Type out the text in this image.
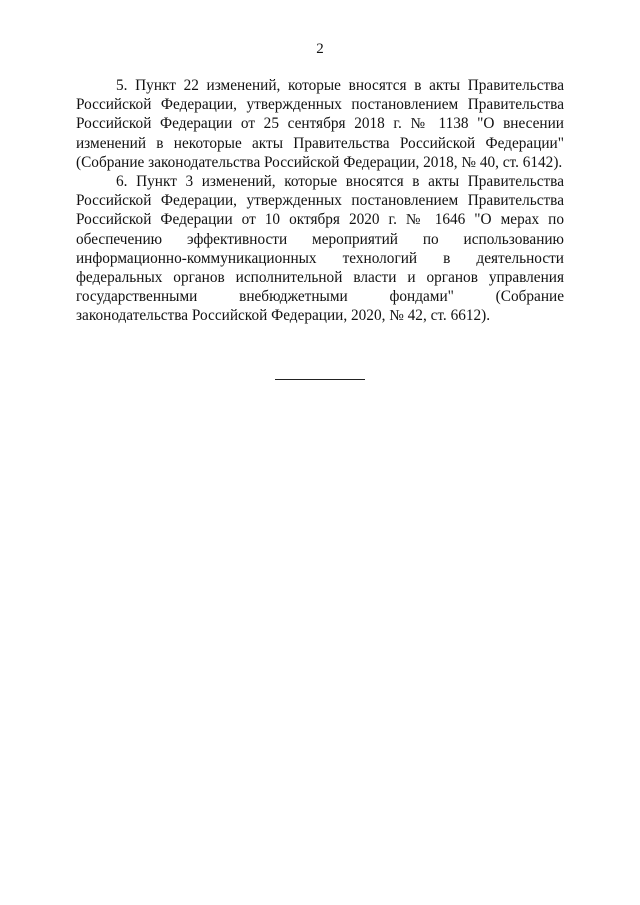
2

5. Пункт 22 изменений, которые вносятся в акты Правительства Российской Федерации, утвержденных постановлением Правительства Российской Федерации от 25 сентября 2018 г. № 1138 "О внесении изменений в некоторые акты Правительства Российской Федерации" (Собрание законодательства Российской Федерации, 2018, № 40, ст. 6142).

6. Пункт 3 изменений, которые вносятся в акты Правительства Российской Федерации, утвержденных постановлением Правительства Российской Федерации от 10 октября 2020 г. № 1646 "О мерах по обеспечению эффективности мероприятий по использованию информационно-коммуникационных технологий в деятельности федеральных органов исполнительной власти и органов управления государственными внебюджетными фондами" (Собрание законодательства Российской Федерации, 2020, № 42, ст. 6612).
